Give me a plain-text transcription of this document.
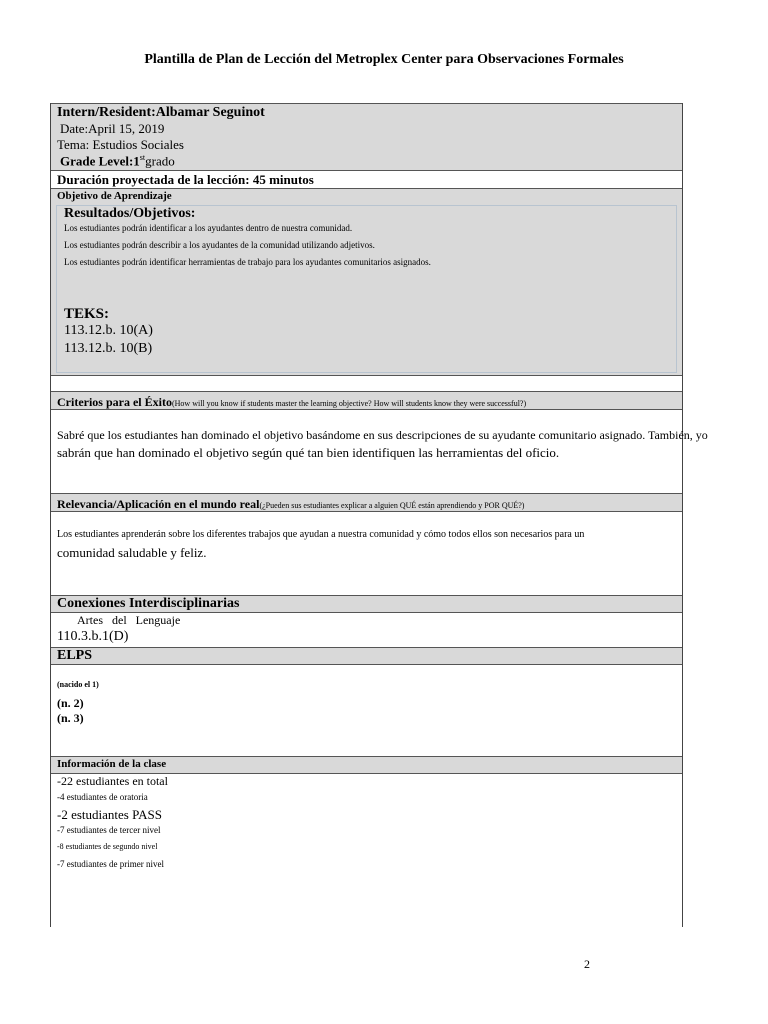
Plantilla de Plan de Lección del Metroplex Center para Observaciones Formales
Intern/Resident:Albamar Seguinot
Date:April 15, 2019
Tema: Estudios Sociales
Grade Level:1stgrado
Duración proyectada de la lección: 45 minutos
Objetivo de Aprendizaje
Resultados/Objetivos:
Los estudiantes podrán identificar a los ayudantes dentro de nuestra comunidad.
Los estudiantes podrán describir a los ayudantes de la comunidad utilizando adjetivos.
Los estudiantes podrán identificar herramientas de trabajo para los ayudantes comunitarios asignados.
TEKS:
113.12.b. 10(A)
113.12.b. 10(B)
Criterios para el Éxito(How will you know if students master the learning objective? How will students know they were successful?)
Sabré que los estudiantes han dominado el objetivo basándome en sus descripciones de su ayudante comunitario asignado. También, yo
sabrán que han dominado el objetivo según qué tan bien identifiquen las herramientas del oficio.
Relevancia/Aplicación en el mundo real(¿Pueden sus estudiantes explicar a alguien QUÉ están aprendiendo y POR QUÉ?)
Los estudiantes aprenderán sobre los diferentes trabajos que ayudan a nuestra comunidad y cómo todos ellos son necesarios para un
comunidad saludable y feliz.
Conexiones Interdisciplinarias
Artes   del   Lenguaje
110.3.b.1(D)
ELPS
(nacido el 1)
(n. 2)
(n. 3)
Información de la clase
-22 estudiantes en total
-4 estudiantes de oratoria
-2 estudiantes PASS
-7 estudiantes de tercer nivel
-8 estudiantes de segundo nivel
-7 estudiantes de primer nivel
2
